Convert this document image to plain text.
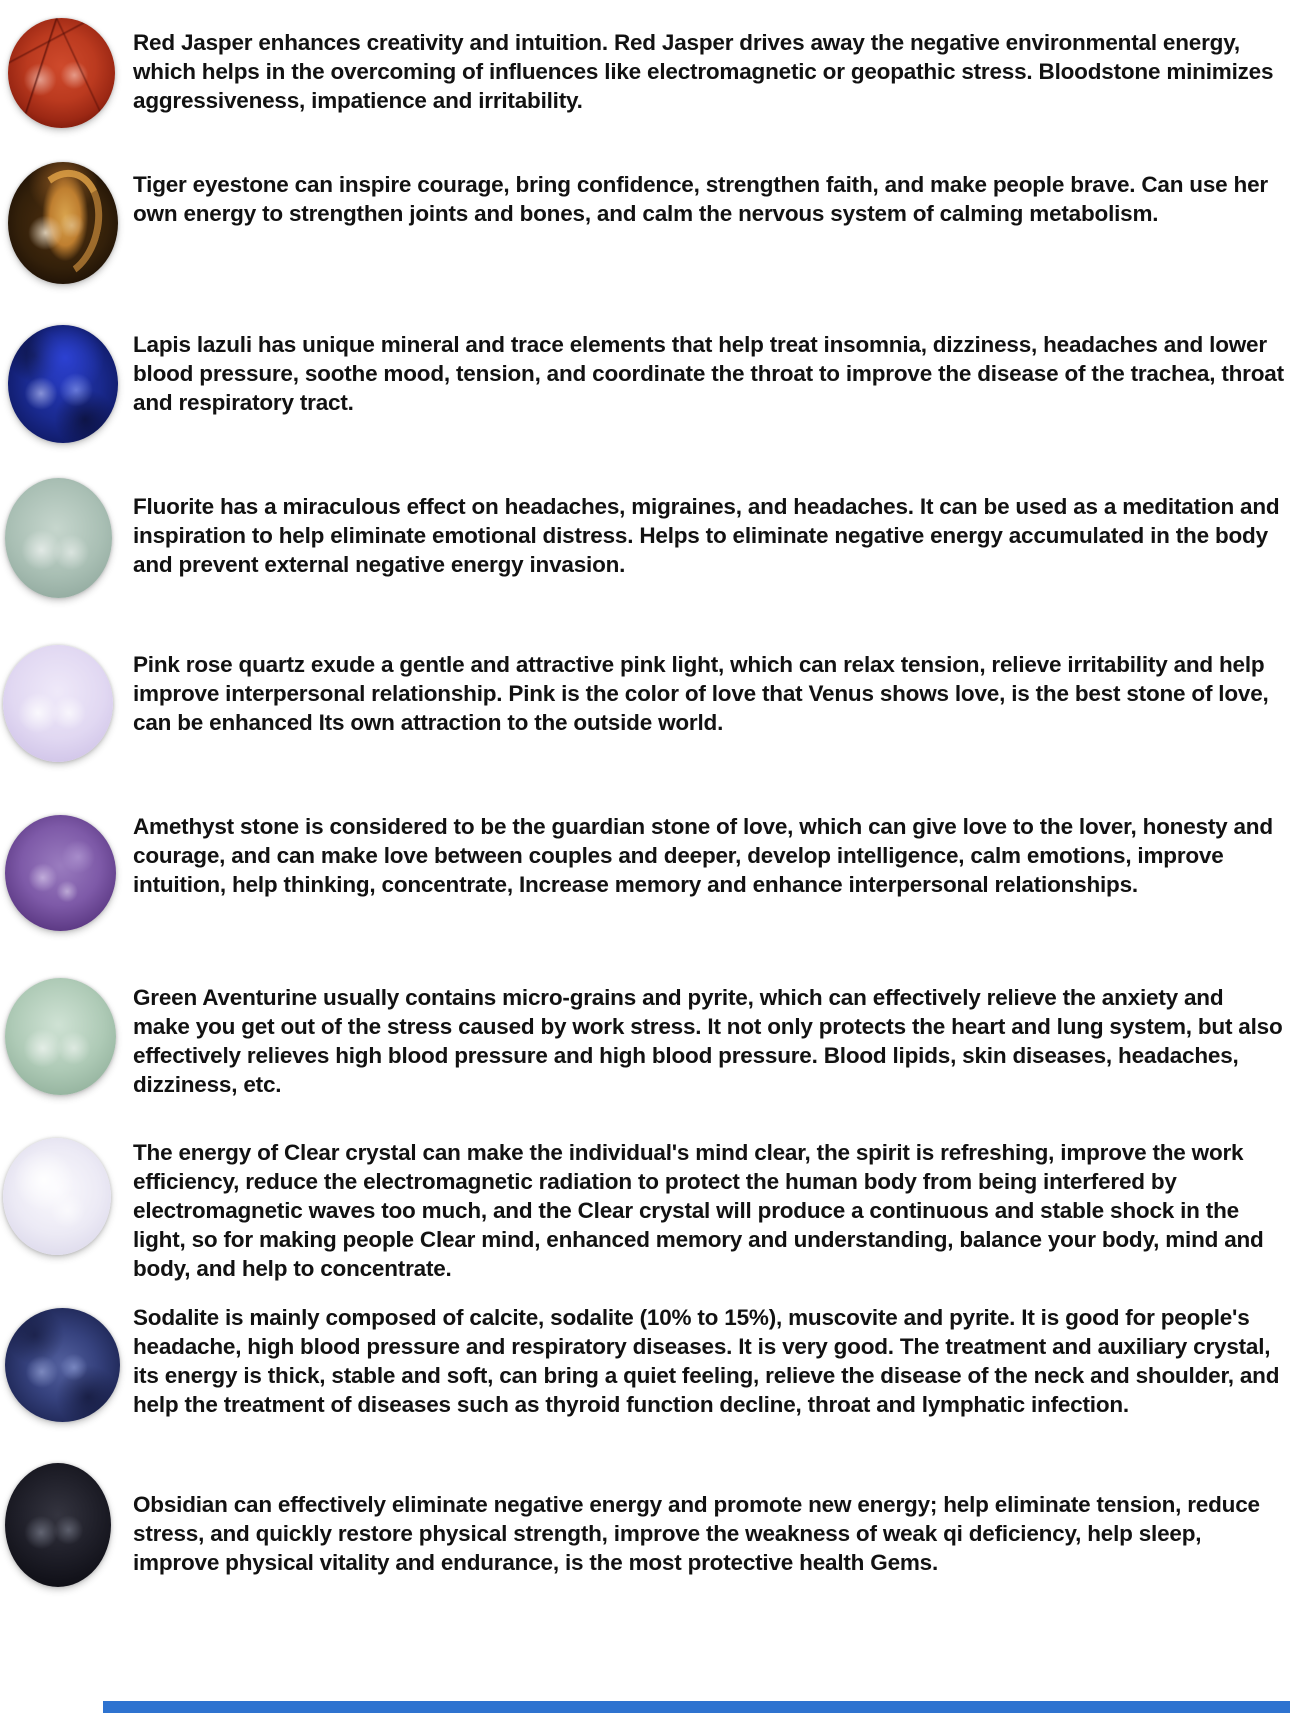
Red Jasper enhances creativity and intuition. Red Jasper drives away the negative environmental energy, which helps in the overcoming of influences like electromagnetic or geopathic stress. Bloodstone minimizes aggressiveness, impatience and irritability.

Tiger eyestone can inspire courage, bring confidence, strengthen faith, and make people brave. Can use her own energy to strengthen joints and bones, and calm the nervous system of calming metabolism.

Lapis lazuli has unique mineral and trace elements that help treat insomnia, dizziness, headaches and lower blood pressure, soothe mood, tension, and coordinate the throat to improve the disease of the trachea, throat and respiratory tract.

Fluorite has a miraculous effect on headaches, migraines, and headaches. It can be used as a meditation and inspiration to help eliminate emotional distress. Helps to eliminate negative energy accumulated in the body and prevent external negative energy invasion.

Pink rose quartz exude a gentle and attractive pink light, which can relax tension, relieve irritability and help improve interpersonal relationship. Pink is the color of love that Venus shows love, is the best stone of love, can be enhanced Its own attraction to the outside world.

Amethyst stone is considered to be the guardian stone of love, which can give love to the lover, honesty and courage, and can make love between couples and deeper, develop intelligence, calm emotions, improve intuition, help thinking, concentrate, Increase memory and enhance interpersonal relationships.

Green Aventurine usually contains micro-grains and pyrite, which can effectively relieve the anxiety and make you get out of the stress caused by work stress. It not only protects the heart and lung system, but also effectively relieves high blood pressure and high blood pressure. Blood lipids, skin diseases, headaches, dizziness, etc.

The energy of Clear crystal can make the individual's mind clear, the spirit is refreshing, improve the work efficiency, reduce the electromagnetic radiation to protect the human body from being interfered by electromagnetic waves too much, and the Clear crystal will produce a continuous and stable shock in the light, so for making people Clear mind, enhanced memory and understanding, balance your body, mind and body, and help to concentrate.

Sodalite is mainly composed of calcite, sodalite (10% to 15%), muscovite and pyrite. It is good for people's headache, high blood pressure and respiratory diseases. It is very good. The treatment and auxiliary crystal, its energy is thick, stable and soft, can bring a quiet feeling, relieve the disease of the neck and shoulder, and help the treatment of diseases such as thyroid function decline, throat and lymphatic infection.

Obsidian can effectively eliminate negative energy and promote new energy; help eliminate tension, reduce stress, and quickly restore physical strength, improve the weakness of weak qi deficiency, help sleep, improve physical vitality and endurance, is the most protective health Gems.
